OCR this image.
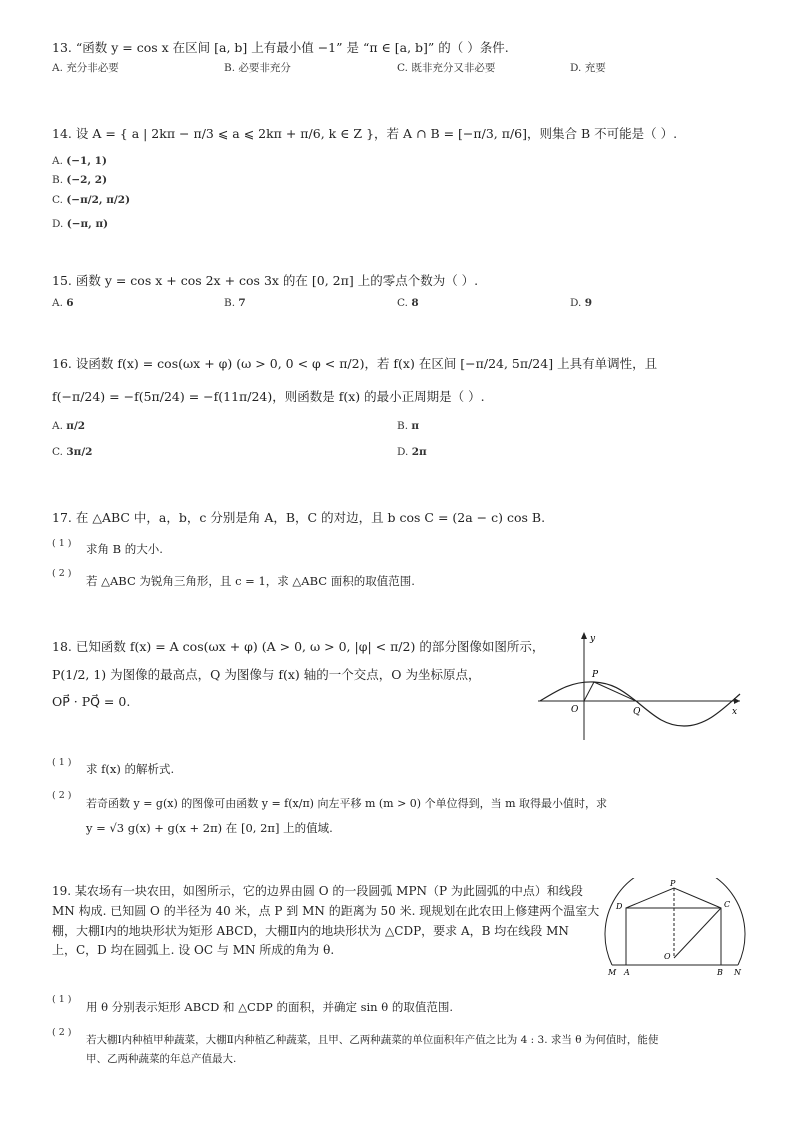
13. “函数 y = cos x 在区间 [a, b] 上有最小值 −1” 是 “π ∈ [a, b]” 的（ ）条件.
A. 充分非必要	B. 必要非充分	C. 既非充分又非必要	D. 充要
14. 设 A = { a | 2kπ − π/3 ⩽ a ⩽ 2kπ + π/6, k ∈ Z }，若 A ∩ B = [−π/3, π/6]，则集合 B 不可能是（ ）.
A. (−1, 1)
B. (−2, 2)
C. (−π/2, π/2)
D. (−π, π)
15. 函数 y = cos x + cos 2x + cos 3x 的在 [0, 2π] 上的零点个数为（ ）.
A. 6	B. 7	C. 8	D. 9
16. 设函数 f(x) = cos(ωx + φ) (ω > 0, 0 < φ < π/2)，若 f(x) 在区间 [−π/24, 5π/24] 上具有单调性，且
f(−π/24) = −f(5π/24) = −f(11π/24)，则函数是 f(x) 的最小正周期是（ ）.
A. π/2	B. π
C. 3π/2	D. 2π
17. 在 △ABC 中，a，b，c 分别是角 A，B，C 的对边，且 b cos C = (2a − c) cos B.
( 1 ) 求角 B 的大小.
( 2 )
若 △ABC 为锐角三角形，且 c = 1，求 △ABC 面积的取值范围.
18. 已知函数 f(x) = A cos(ωx + φ) (A > 0, ω > 0, |φ| < π/2) 的部分图像如图所示，
P(1/2, 1) 为图像的最高点，Q 为图像与 f(x) 轴的一个交点，O 为坐标原点，
OP⃗ · PQ⃗ = 0.
y
x
O
P
Q
( 1 ) 求 f(x) 的解析式.
( 2 )
若奇函数 y = g(x) 的图像可由函数 y = f(x/π) 向左平移 m (m > 0) 个单位得到，当 m 取得最小值时，求
y = √3 g(x) + g(x + 2π) 在 [0, 2π] 上的值域.
19. 某农场有一块农田，如图所示，它的边界由圆 O 的一段圆弧 MPN（P 为此圆弧的中点）和线段
MN 构成. 已知圆 O 的半径为 40 米，点 P 到 MN 的距离为 50 米. 现规划在此农田上修建两个温室大
棚，大棚Ⅰ内的地块形状为矩形 ABCD，大棚Ⅱ内的地块形状为 △CDP，要求 A，B 均在线段 MN
上，C，D 均在圆弧上. 设 OC 与 MN 所成的角为 θ.
P
D	C
O
M A	B N
( 1 )
用 θ 分别表示矩形 ABCD 和 △CDP 的面积，并确定 sin θ 的取值范围.
( 2 )
若大棚Ⅰ内种植甲种蔬菜，大棚Ⅱ内种植乙种蔬菜，且甲、乙两种蔬菜的单位面积年产值之比为 4 : 3. 求当 θ 为何值时，能使
甲、乙两种蔬菜的年总产值最大.
